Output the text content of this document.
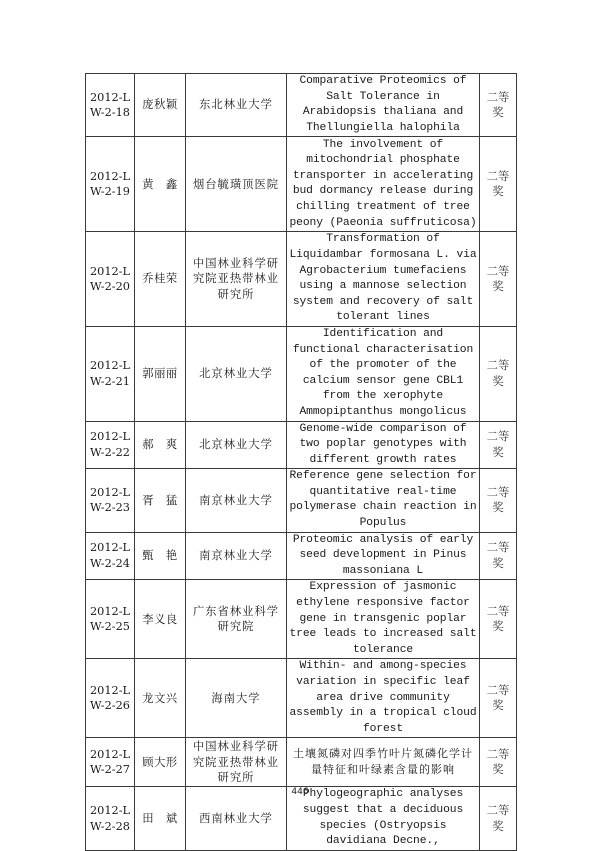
2012-L
W-2-18	庞秋颖	东北林业大学	Comparative Proteomics of Salt Tolerance in Arabidopsis thaliana and Thellungiella halophila	二等奖
2012-L
W-2-19	黄　鑫	烟台毓璜顶医院	The involvement of mitochondrial phosphate transporter in accelerating bud dormancy release during chilling treatment of tree peony (Paeonia suffruticosa)	二等奖
2012-L
W-2-20	乔桂荣	中国林业科学研究院亚热带林业研究所	Transformation of Liquidambar formosana L. via Agrobacterium tumefaciens using a mannose selection system and recovery of salt tolerant lines	二等奖
2012-L
W-2-21	郭丽丽	北京林业大学	Identification and functional characterisation of the promoter of the calcium sensor gene CBL1 from the xerophyte Ammopiptanthus mongolicus	二等奖
2012-L
W-2-22	郝　爽	北京林业大学	Genome-wide comparison of two poplar genotypes with different growth rates	二等奖
2012-L
W-2-23	胥　猛	南京林业大学	Reference gene selection for quantitative real-time polymerase chain reaction in Populus	二等奖
2012-L
W-2-24	甄　艳	南京林业大学	Proteomic analysis of early seed development in Pinus massoniana L	二等奖
2012-L
W-2-25	李义良	广东省林业科学研究院	Expression of jasmonic ethylene responsive factor gene in transgenic poplar tree leads to increased salt tolerance	二等奖
2012-L
W-2-26	龙文兴	海南大学	Within- and among-species variation in specific leaf area drive community assembly in a tropical cloud forest	二等奖
2012-L
W-2-27	顾大形	中国林业科学研究院亚热带林业研究所	土壤氮磷对四季竹叶片氮磷化学计量特征和叶绿素含量的影响	二等奖
2012-L
W-2-28	田　斌	西南林业大学	Phylogeographic analyses suggest that a deciduous species (Ostryopsis davidiana Decne.,	二等奖
446
